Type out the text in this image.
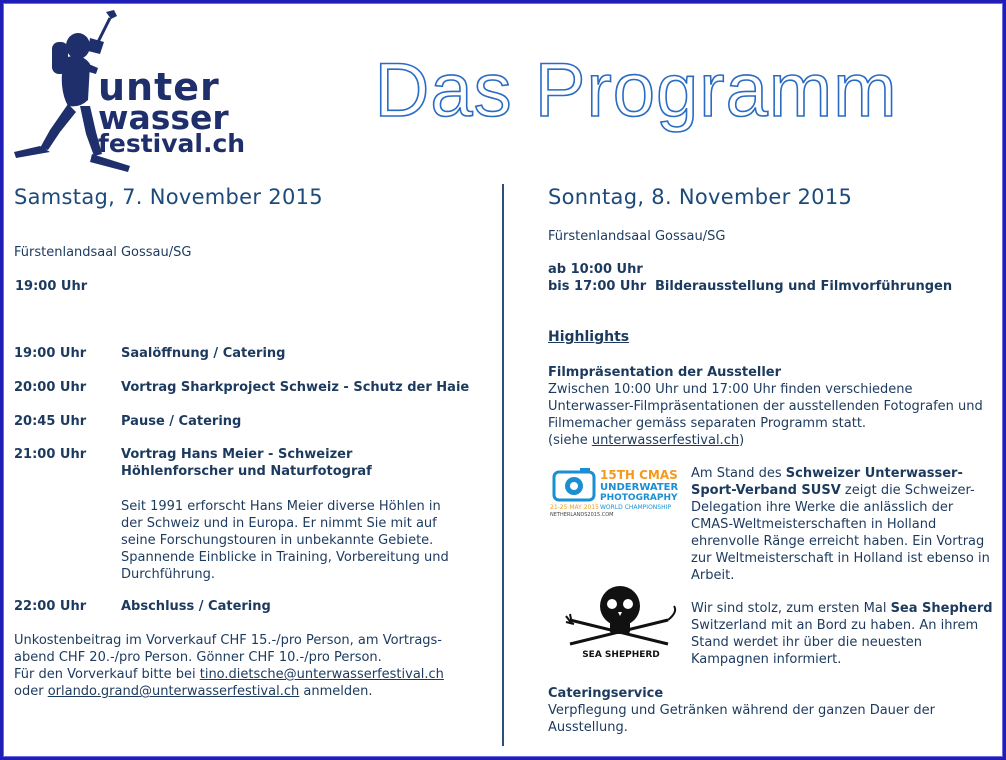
unter
wasser
festival.ch
Das Programm
Samstag, 7. November 2015
Fürstenlandsaal Gossau/SG
19:00 Uhr
19:00 Uhr	Saalöffnung / Catering
20:00 Uhr	Vortrag Sharkproject Schweiz - Schutz der Haie
20:45 Uhr	Pause / Catering
21:00 Uhr	Vortrag Hans Meier - Schweizer Höhlenforscher und Naturfotograf
Seit 1991 erforscht Hans Meier diverse Höhlen in der Schweiz und in Europa. Er nimmt Sie mit auf seine Forschungstouren in unbekannte Gebiete. Spannende Einblicke in Training, Vorbereitung und Durchführung.
22:00 Uhr	Abschluss / Catering
Unkostenbeitrag im Vorverkauf CHF 15.-/pro Person, am Vortrags-abend CHF 20.-/pro Person. Gönner CHF 10.-/pro Person.
Für den Vorverkauf bitte bei tino.dietsche@unterwasserfestival.ch
oder orlando.grand@unterwasserfestival.ch anmelden.
Sonntag, 8. November 2015
Fürstenlandsaal Gossau/SG
ab 10:00 Uhr
bis 17:00 Uhr Bilderausstellung und Filmvorführungen
Highlights
Filmpräsentation der Aussteller
Zwischen 10:00 Uhr und 17:00 Uhr finden verschiedene Unterwasser-Filmpräsentationen der ausstellenden Fotografen und Filmemacher gemäss separaten Programm statt.
(siehe unterwasserfestival.ch)
15TH CMAS
UNDERWATER
PHOTOGRAPHY
WORLD CHAMPIONSHIP
21-25 MAY 2015
NETHERLANDS2015.COM
Am Stand des Schweizer Unterwasser-Sport-Verband SUSV zeigt die Schweizer-Delegation ihre Werke die anlässlich der CMAS-Weltmeisterschaften in Holland ehrenvolle Ränge erreicht haben. Ein Vortrag zur Weltmeisterschaft in Holland ist ebenso in Arbeit.
SEA SHEPHERD
Wir sind stolz, zum ersten Mal Sea Shepherd Switzerland mit an Bord zu haben. An ihrem Stand werdet ihr über die neuesten Kampagnen informiert.
Cateringservice
Verpflegung und Getränken während der ganzen Dauer der Ausstellung.
